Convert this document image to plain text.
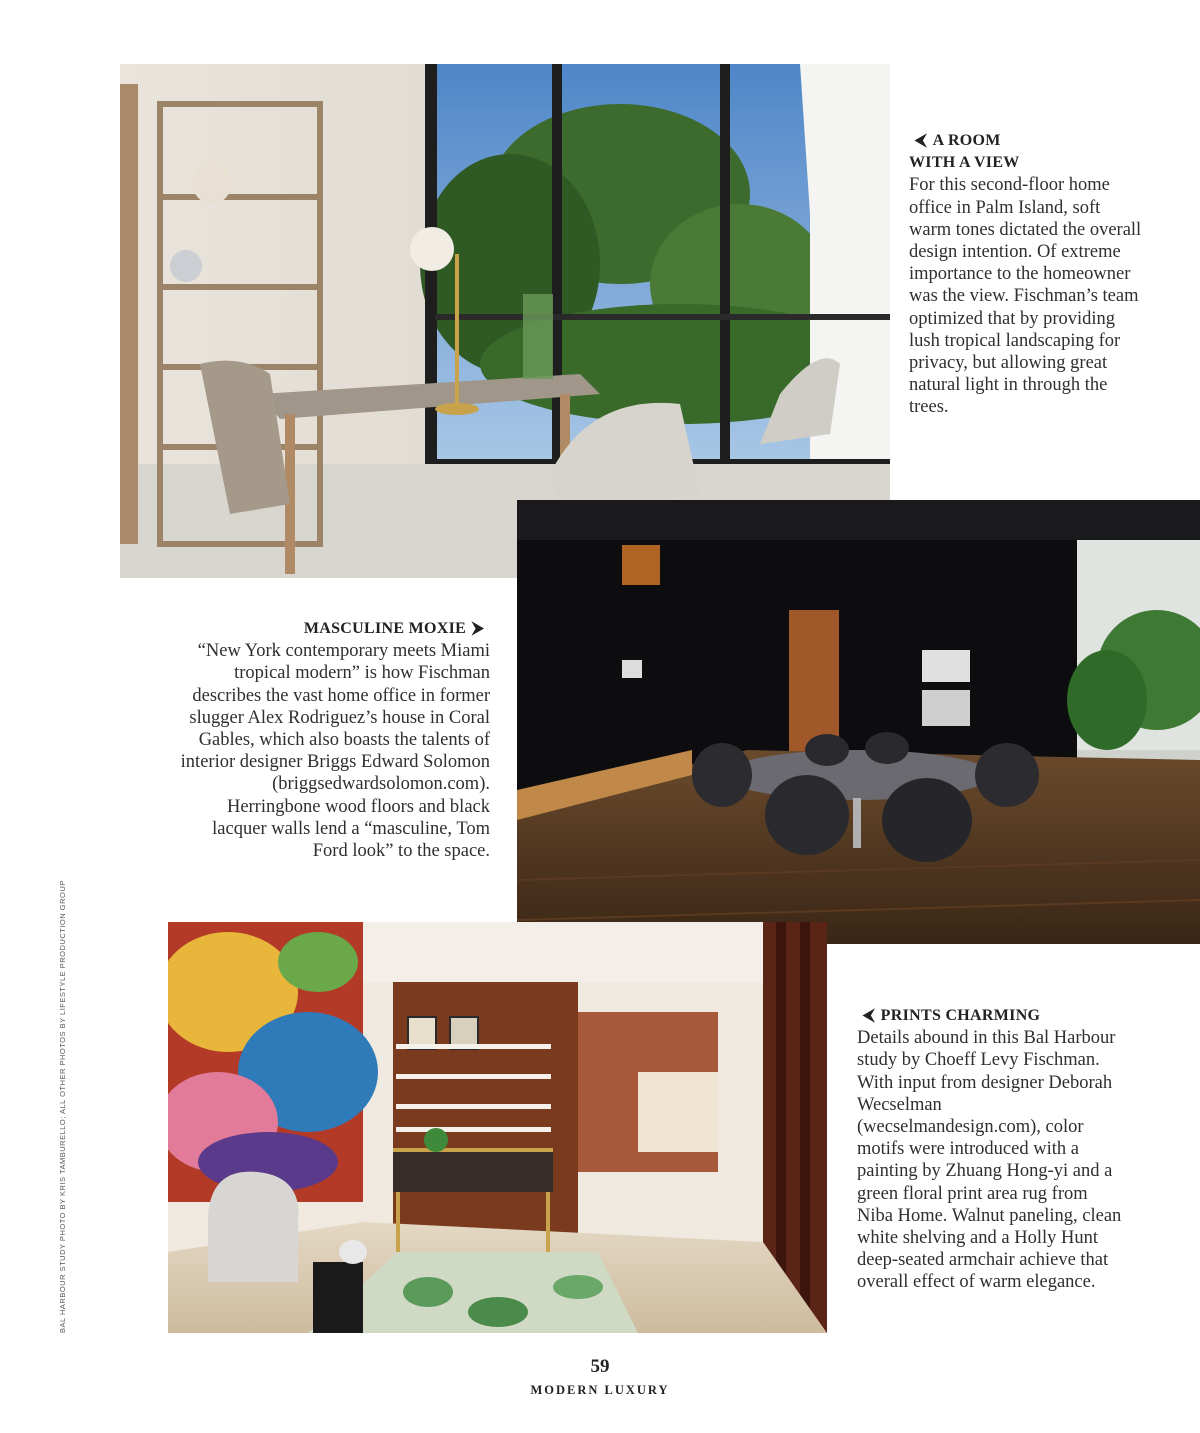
⮜ A ROOM
WITH A VIEW
For this second-floor home office in Palm Island, soft warm tones dictated the overall design intention. Of extreme importance to the homeowner was the view. Fischman’s team optimized that by providing lush tropical landscaping for privacy, but allowing great natural light in through the trees.
MASCULINE MOXIE ⮞
“New York contemporary meets Miami tropical modern” is how Fischman describes the vast home office in former slugger Alex Rodriguez’s house in Coral Gables, which also boasts the talents of interior designer Briggs Edward Solomon (briggsedwardsolomon.com). Herringbone wood floors and black lacquer walls lend a “masculine, Tom Ford look” to the space.
⮜ PRINTS CHARMING
Details abound in this Bal Harbour study by Choeff Levy Fischman. With input from designer Deborah Wecselman (wecselmandesign.com), color motifs were introduced with a painting by Zhuang Hong-yi and a green floral print area rug from Niba Home. Walnut paneling, clean white shelving and a Holly Hunt deep-seated armchair achieve that overall effect of warm elegance.
BAL HARBOUR STUDY PHOTO BY KRIS TAMBURELLO; ALL OTHER PHOTOS BY LIFESTYLE PRODUCTION GROUP
59
MODERN LUXURY
